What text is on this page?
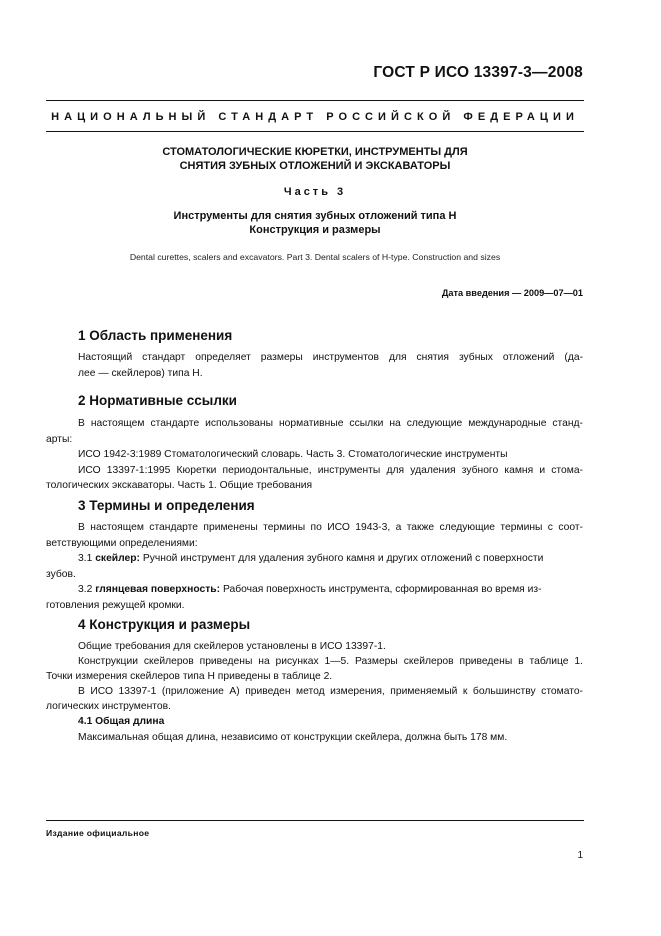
ГОСТ Р ИСО 13397-3—2008
НАЦИОНАЛЬНЫЙ СТАНДАРТ РОССИЙСКОЙ ФЕДЕРАЦИИ
СТОМАТОЛОГИЧЕСКИЕ КЮРЕТКИ, ИНСТРУМЕНТЫ ДЛЯ
СНЯТИЯ ЗУБНЫХ ОТЛОЖЕНИЙ И ЭКСКАВАТОРЫ
Часть 3
Инструменты для снятия зубных отложений типа H
Конструкция и размеры
Dental curettes, scalers and excavators. Part 3. Dental scalers of H-type. Construction and sizes
Дата введения — 2009—07—01
1 Область применения
Настоящий стандарт определяет размеры инструментов для снятия зубных отложений (да-
лее — скейлеров) типа H.
2 Нормативные ссылки
В настоящем стандарте использованы нормативные ссылки на следующие международные станд-
арты:
ИСО 1942-3:1989 Стоматологический словарь. Часть 3. Стоматологические инструменты
ИСО 13397-1:1995 Кюретки периодонтальные, инструменты для удаления зубного камня и стома-
тологических экскаваторы. Часть 1. Общие требования
3 Термины и определения
В настоящем стандарте применены термины по ИСО 1943-3, а также следующие термины с соот-
ветствующими определениями:
3.1 скейлер: Ручной инструмент для удаления зубного камня и других отложений с поверхности
зубов.
3.2 глянцевая поверхность: Рабочая поверхность инструмента, сформированная во время из-
готовления режущей кромки.
4 Конструкция и размеры
Общие требования для скейлеров установлены в ИСО 13397-1.
Конструкции скейлеров приведены на рисунках 1—5. Размеры скейлеров приведены в таблице 1.
Точки измерения скейлеров типа H приведены в таблице 2.
В ИСО 13397-1 (приложение А) приведен метод измерения, применяемый к большинству стомато-
логических инструментов.
4.1 Общая длина
Максимальная общая длина, независимо от конструкции скейлера, должна быть 178 мм.
Издание официальное
1
